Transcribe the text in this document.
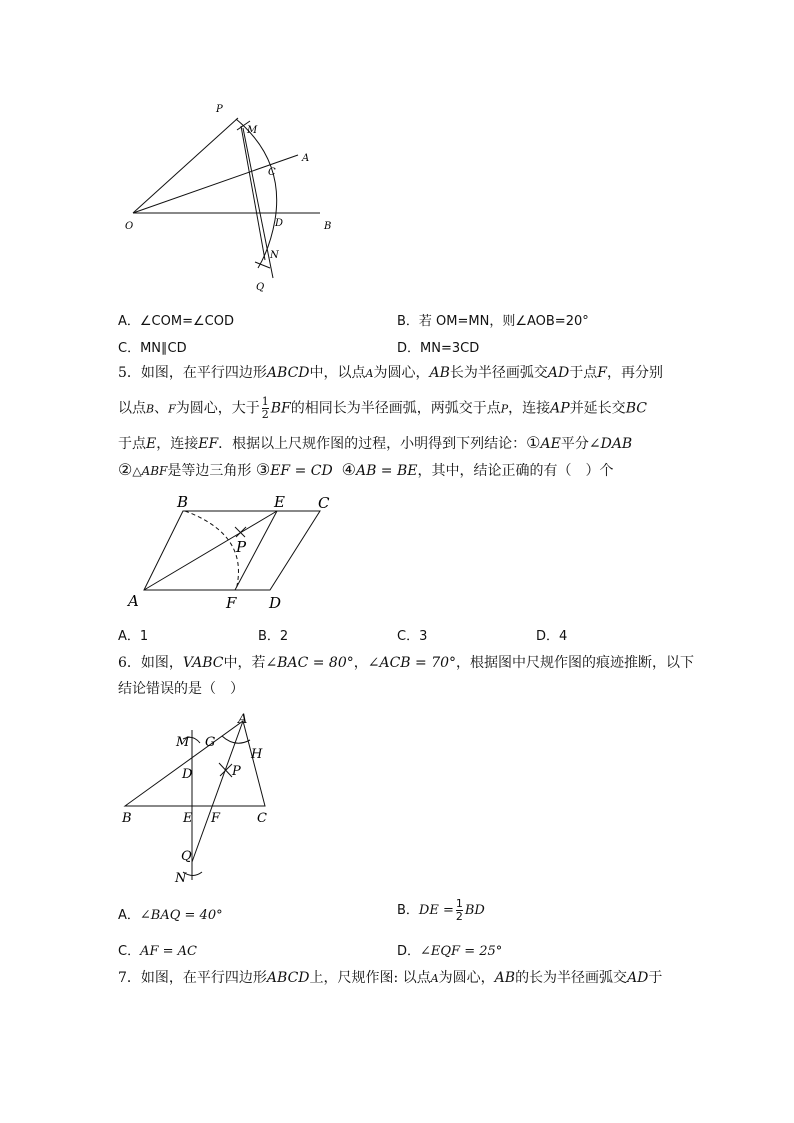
P
M
A
C
O	D	B
N
Q
A．∠COM=∠COD	B．若 OM=MN，则∠AOB=20°
C．MN∥CD	D．MN=3CD
5．如图，在平行四边形ABCD中，以点A为圆心，AB长为半径画弧交AD于点F，再分别
以点B、F为圆心，大于 $\frac{1}{2}$ BF的相同长为半径画弧，两弧交于点P，连接AP并延长交BC
于点E，连接EF．根据以上尺规作图的过程，小明得到下列结论：①AE平分∠DAB
②△ABF是等边三角形 ③EF = CD ④AB = BE，其中，结论正确的有（　）个
B	E C
P
A	F D
A．1	B．2	C．3	D．4
6．如图，VABC中，若∠BAC = 80°，∠ACB = 70°，根据图中尺规作图的痕迹推断，以下
结论错误的是（　）
A
M G
H
D	P
B	E F	C
Q
N
A．∠BAQ = 40°	B．DE = $\frac{1}{2}$ BD
C．AF = AC	D．∠EQF = 25°
7．如图，在平行四边形ABCD上，尺规作图: 以点A为圆心，AB的长为半径画弧交AD于
